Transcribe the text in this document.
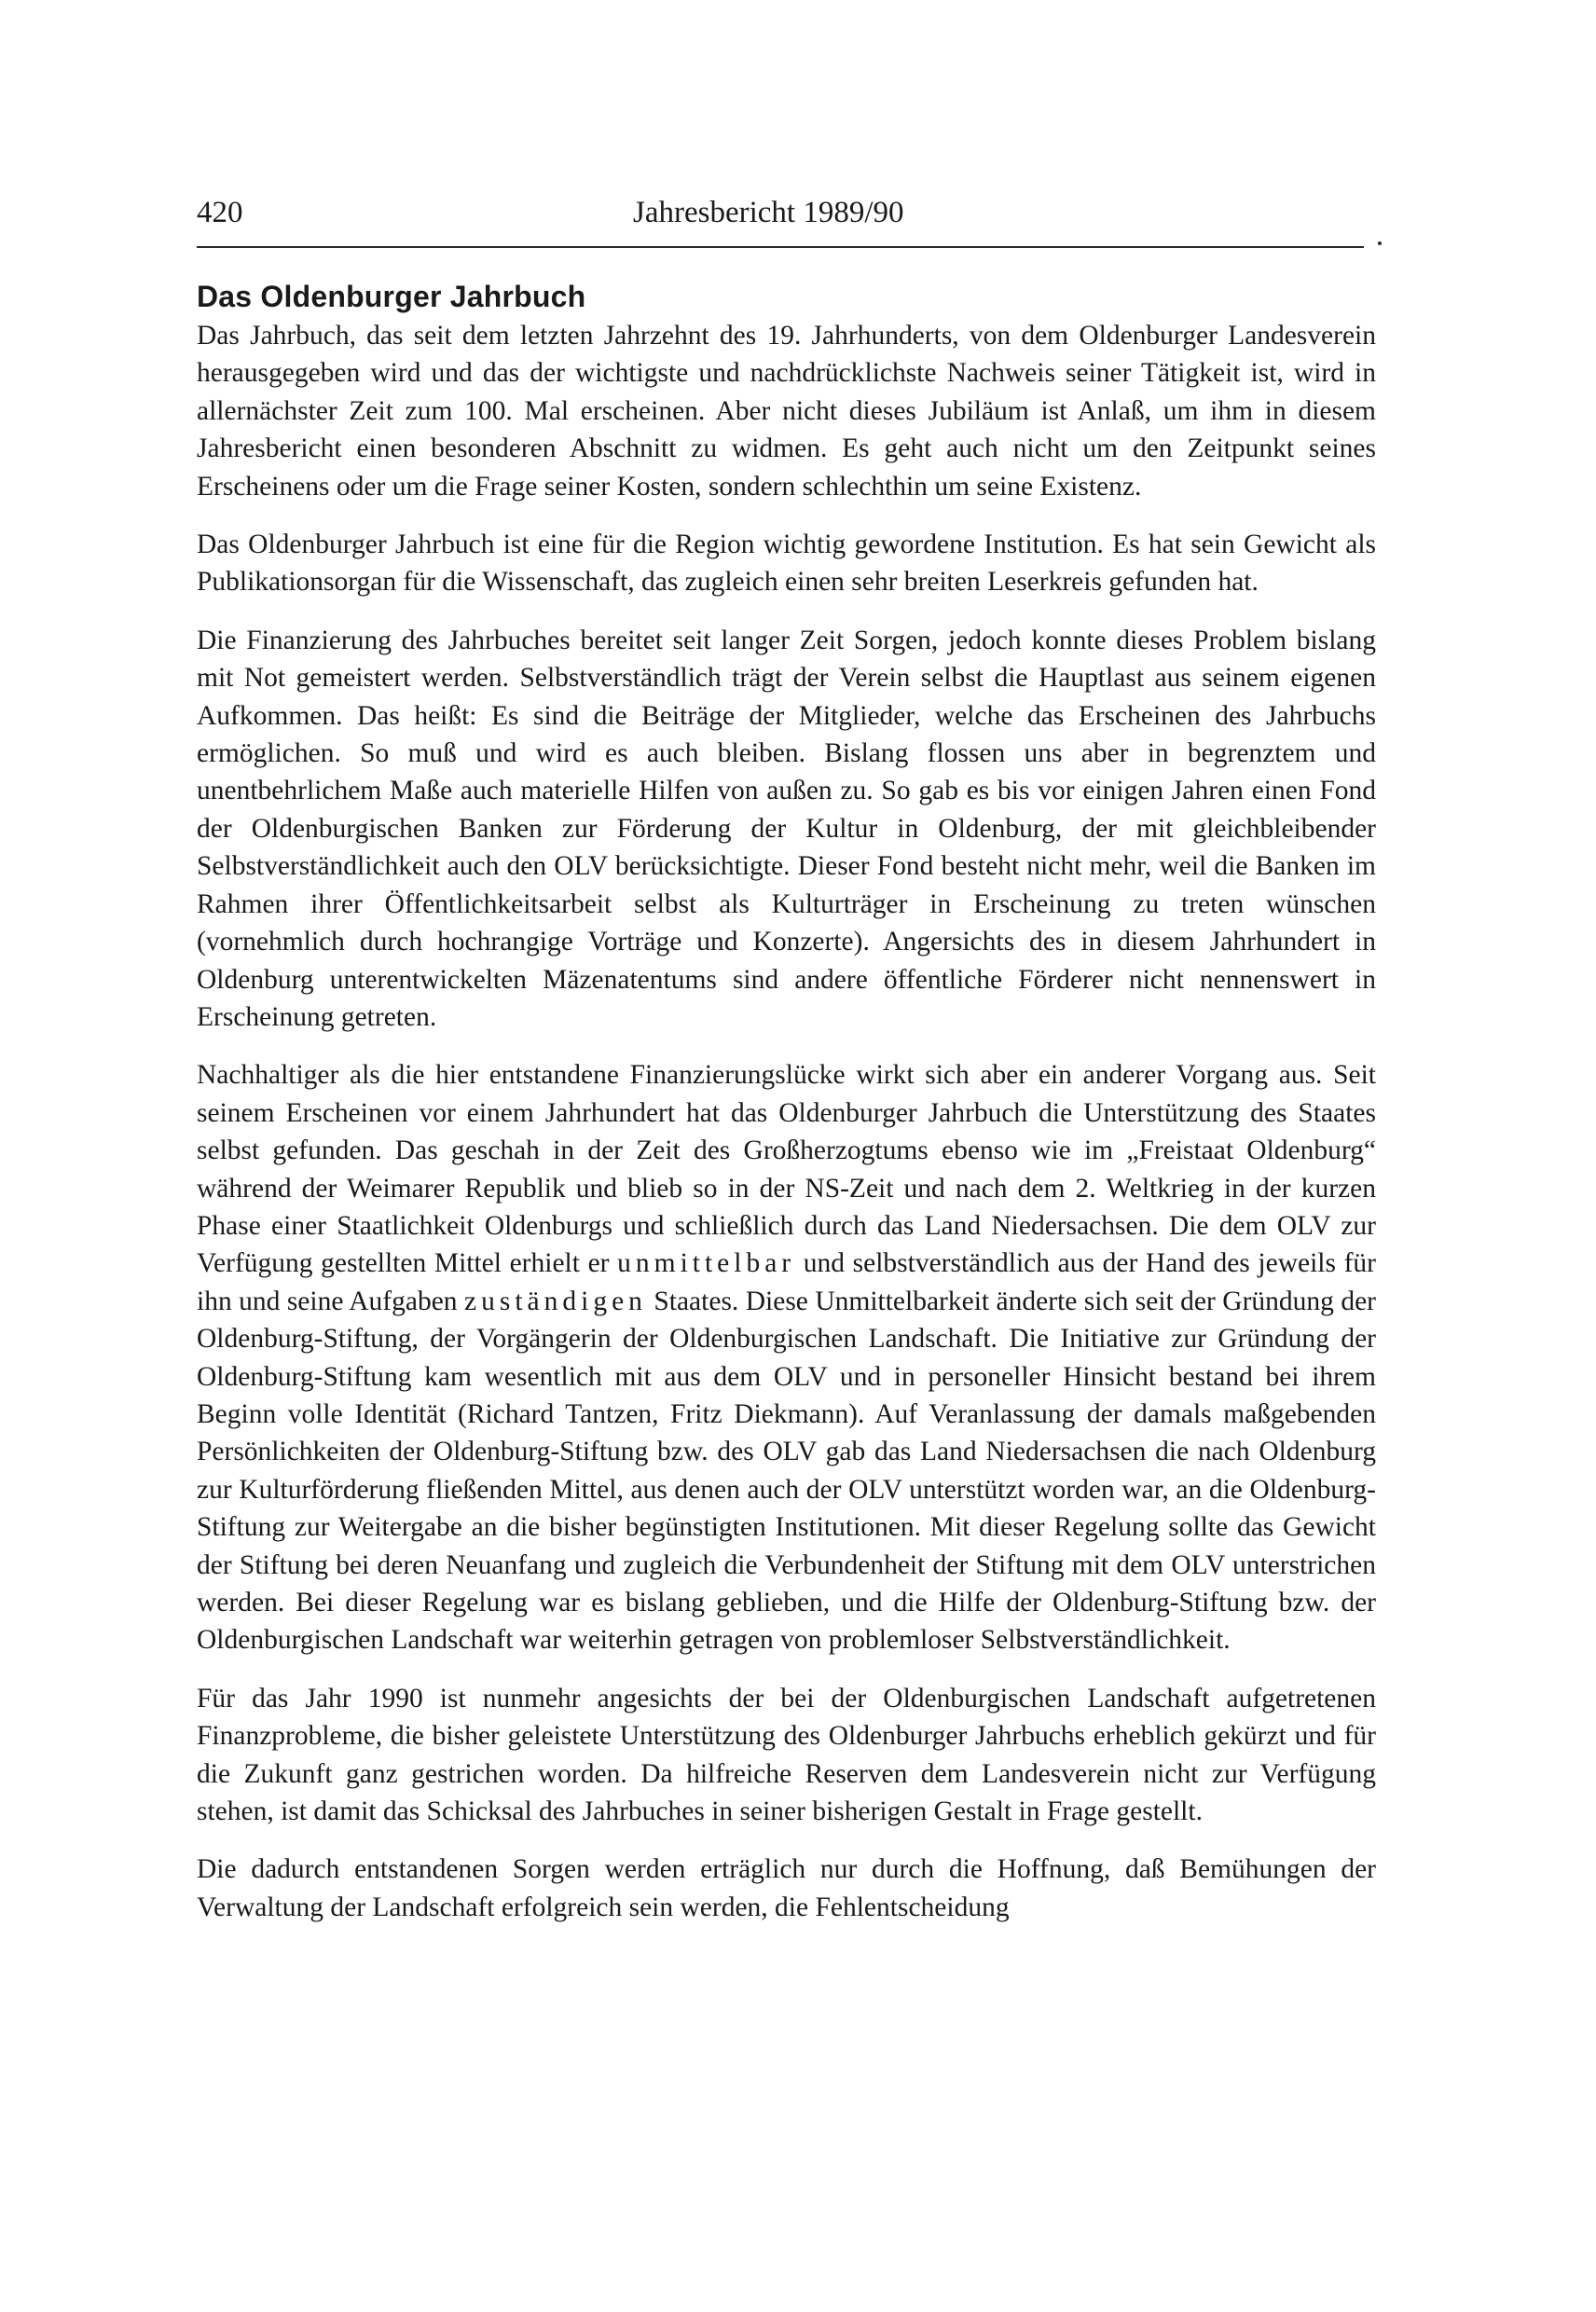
420	Jahresbericht 1989/90
Das Oldenburger Jahrbuch

Das Jahrbuch, das seit dem letzten Jahrzehnt des 19. Jahrhunderts, von dem Oldenburger Landesverein herausgegeben wird und das der wichtigste und nachdrücklichste Nachweis seiner Tätigkeit ist, wird in allernächster Zeit zum 100. Mal erscheinen. Aber nicht dieses Jubiläum ist Anlaß, um ihm in diesem Jahresbericht einen besonderen Abschnitt zu widmen. Es geht auch nicht um den Zeitpunkt seines Erscheinens oder um die Frage seiner Kosten, sondern schlechthin um seine Existenz.

Das Oldenburger Jahrbuch ist eine für die Region wichtig gewordene Institution. Es hat sein Gewicht als Publikationsorgan für die Wissenschaft, das zugleich einen sehr breiten Leserkreis gefunden hat.

Die Finanzierung des Jahrbuches bereitet seit langer Zeit Sorgen, jedoch konnte dieses Problem bislang mit Not gemeistert werden. Selbstverständlich trägt der Verein selbst die Hauptlast aus seinem eigenen Aufkommen. Das heißt: Es sind die Beiträge der Mitglieder, welche das Erscheinen des Jahrbuchs ermöglichen. So muß und wird es auch bleiben. Bislang flossen uns aber in begrenztem und unentbehrlichem Maße auch materielle Hilfen von außen zu. So gab es bis vor einigen Jahren einen Fond der Oldenburgischen Banken zur Förderung der Kultur in Oldenburg, der mit gleichbleibender Selbstverständlichkeit auch den OLV berücksichtigte. Dieser Fond besteht nicht mehr, weil die Banken im Rahmen ihrer Öffentlichkeitsarbeit selbst als Kulturträger in Erscheinung zu treten wünschen (vornehmlich durch hochrangige Vorträge und Konzerte). Angersichts des in diesem Jahrhundert in Oldenburg unterentwickelten Mäzenatentums sind andere öffentliche Förderer nicht nennenswert in Erscheinung getreten.

Nachhaltiger als die hier entstandene Finanzierungslücke wirkt sich aber ein anderer Vorgang aus. Seit seinem Erscheinen vor einem Jahrhundert hat das Oldenburger Jahrbuch die Unterstützung des Staates selbst gefunden. Das geschah in der Zeit des Großherzogtums ebenso wie im „Freistaat Oldenburg“ während der Weimarer Republik und blieb so in der NS-Zeit und nach dem 2. Weltkrieg in der kurzen Phase einer Staatlichkeit Oldenburgs und schließlich durch das Land Niedersachsen. Die dem OLV zur Verfügung gestellten Mittel erhielt er unmittelbar und selbstverständlich aus der Hand des jeweils für ihn und seine Aufgaben zuständigen Staates. Diese Unmittelbarkeit änderte sich seit der Gründung der Oldenburg-Stiftung, der Vorgängerin der Oldenburgischen Landschaft. Die Initiative zur Gründung der Oldenburg-Stiftung kam wesentlich mit aus dem OLV und in personeller Hinsicht bestand bei ihrem Beginn volle Identität (Richard Tantzen, Fritz Diekmann). Auf Veranlassung der damals maßgebenden Persönlichkeiten der Oldenburg-Stiftung bzw. des OLV gab das Land Niedersachsen die nach Oldenburg zur Kulturförderung fließenden Mittel, aus denen auch der OLV unterstützt worden war, an die Oldenburg-Stiftung zur Weitergabe an die bisher begünstigten Institutionen. Mit dieser Regelung sollte das Gewicht der Stiftung bei deren Neuanfang und zugleich die Verbundenheit der Stiftung mit dem OLV unterstrichen werden. Bei dieser Regelung war es bislang geblieben, und die Hilfe der Oldenburg-Stiftung bzw. der Oldenburgischen Landschaft war weiterhin getragen von problemloser Selbstverständlichkeit.

Für das Jahr 1990 ist nunmehr angesichts der bei der Oldenburgischen Landschaft aufgetretenen Finanzprobleme, die bisher geleistete Unterstützung des Oldenburger Jahrbuchs erheblich gekürzt und für die Zukunft ganz gestrichen worden. Da hilfreiche Reserven dem Landesverein nicht zur Verfügung stehen, ist damit das Schicksal des Jahrbuches in seiner bisherigen Gestalt in Frage gestellt.

Die dadurch entstandenen Sorgen werden erträglich nur durch die Hoffnung, daß Bemühungen der Verwaltung der Landschaft erfolgreich sein werden, die Fehlentscheidung
